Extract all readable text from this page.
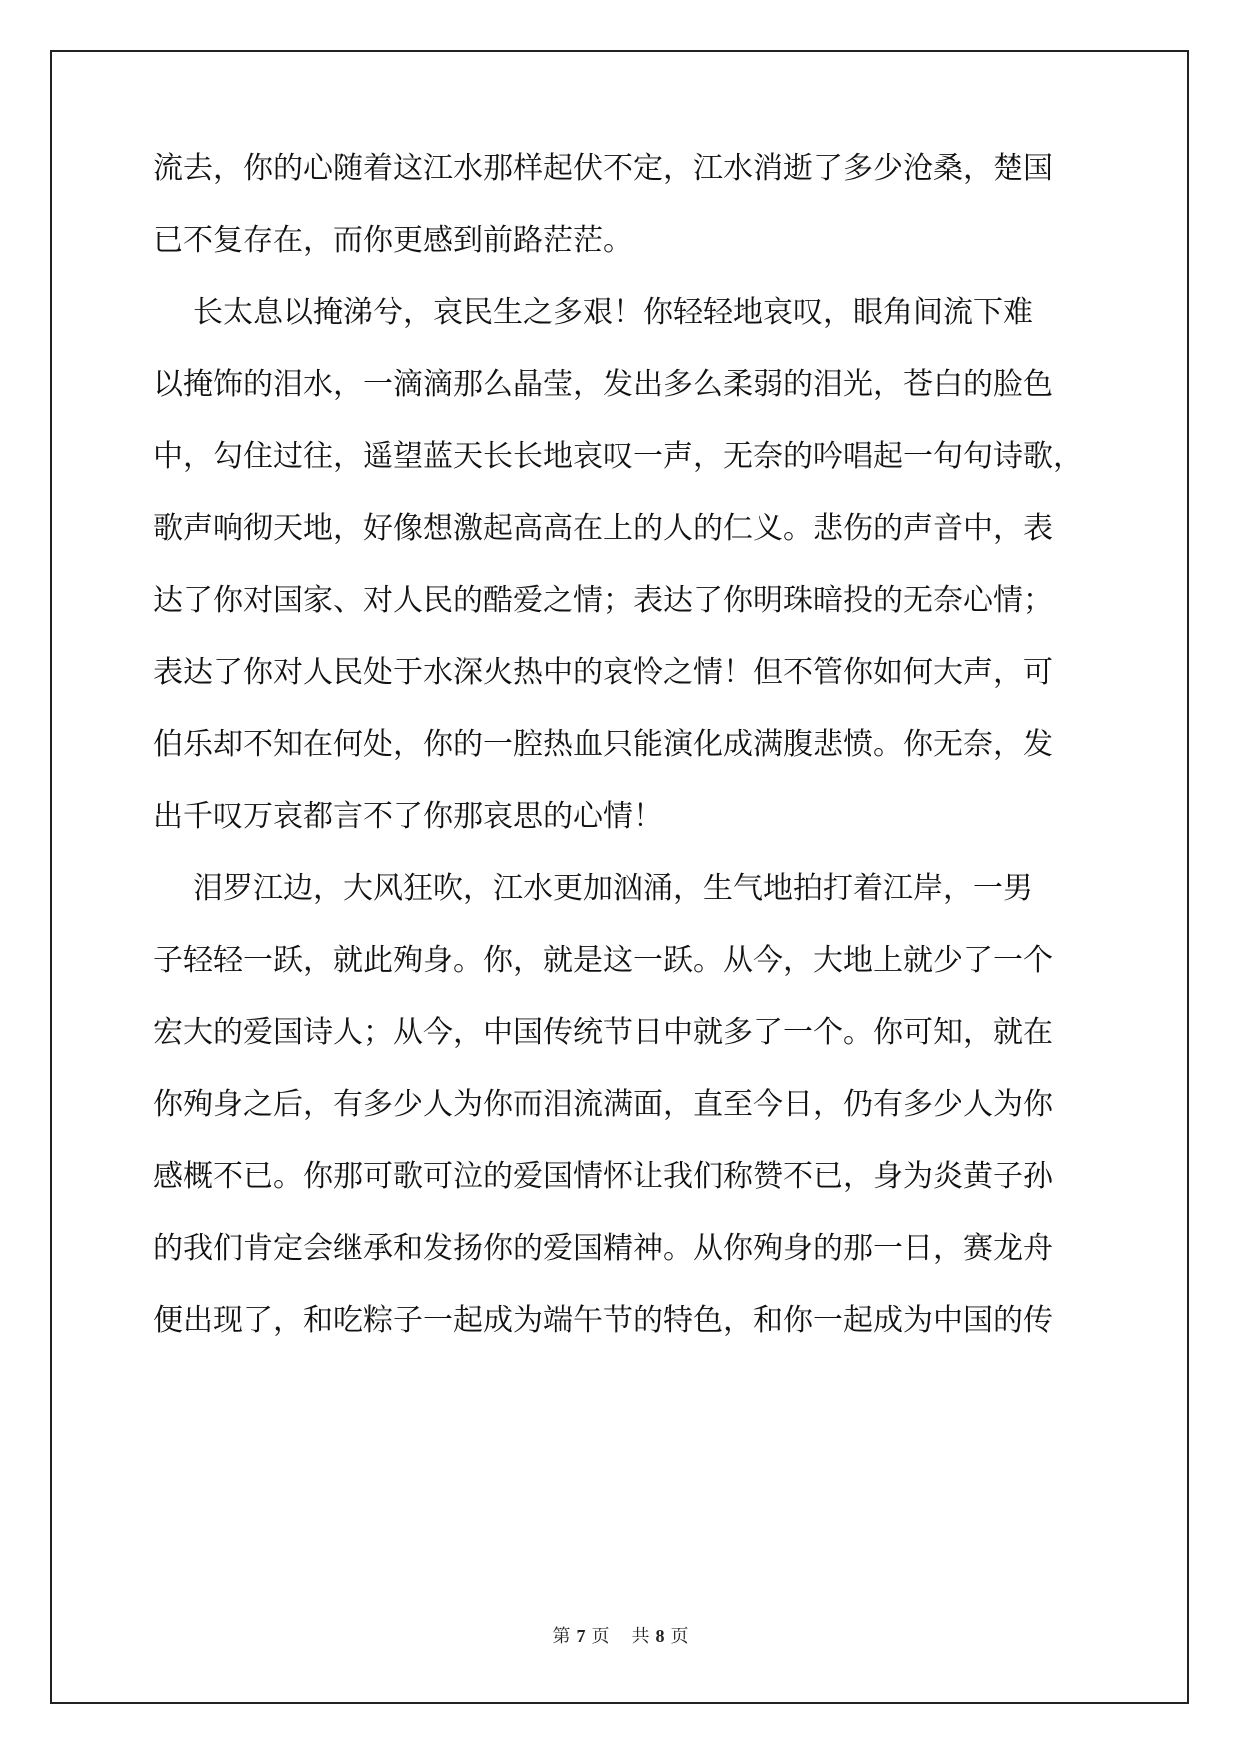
流去，你的心随着这江水那样起伏不定，江水消逝了多少沧桑，楚国

已不复存在，而你更感到前路茫茫。

长太息以掩涕兮，哀民生之多艰！你轻轻地哀叹，眼角间流下难

以掩饰的泪水，一滴滴那么晶莹，发出多么柔弱的泪光，苍白的脸色

中，勾住过往，遥望蓝天长长地哀叹一声，无奈的吟唱起一句句诗歌，

歌声响彻天地，好像想激起高高在上的人的仁义。悲伤的声音中，表

达了你对国家、对人民的酷爱之情；表达了你明珠暗投的无奈心情；

表达了你对人民处于水深火热中的哀怜之情！但不管你如何大声，可

伯乐却不知在何处，你的一腔热血只能演化成满腹悲愤。你无奈，发

出千叹万哀都言不了你那哀思的心情！

泪罗江边，大风狂吹，江水更加汹涌，生气地拍打着江岸，一男

子轻轻一跃，就此殉身。你，就是这一跃。从今，大地上就少了一个

宏大的爱国诗人；从今，中国传统节日中就多了一个。你可知，就在

你殉身之后，有多少人为你而泪流满面，直至今日，仍有多少人为你

感概不已。你那可歌可泣的爱国情怀让我们称赞不已，身为炎黄子孙

的我们肯定会继承和发扬你的爱国精神。从你殉身的那一日，赛龙舟

便出现了，和吃粽子一起成为端午节的特色，和你一起成为中国的传

第 7 页 共 8 页
